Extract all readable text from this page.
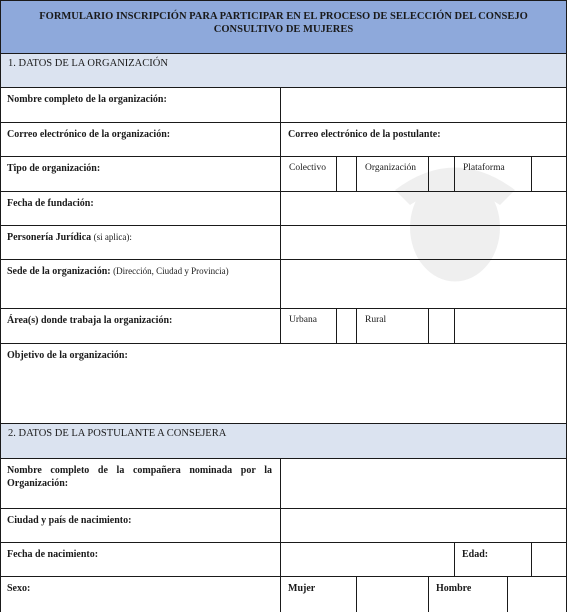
FORMULARIO INSCRIPCIÓN PARA PARTICIPAR EN EL PROCESO DE SELECCIÓN DEL CONSEJO CONSULTIVO DE MUJERES
1. DATOS DE LA ORGANIZACIÓN
Nombre completo de la organización:
Correo electrónico de la organización:	Correo electrónico de la postulante:
Tipo de organización:	Colectivo	Organización	Plataforma
Fecha de fundación:
Personería Jurídica (si aplica):
Sede de la organización: (Dirección, Ciudad y Provincia)
Área(s) donde trabaja la organización:	Urbana	Rural
Objetivo de la organización:
2. DATOS DE LA POSTULANTE A CONSEJERA
Nombre completo de la compañera nominada por la Organización:
Ciudad y país de nacimiento:
Fecha de nacimiento:	Edad:
Sexo:	Mujer	Hombre
